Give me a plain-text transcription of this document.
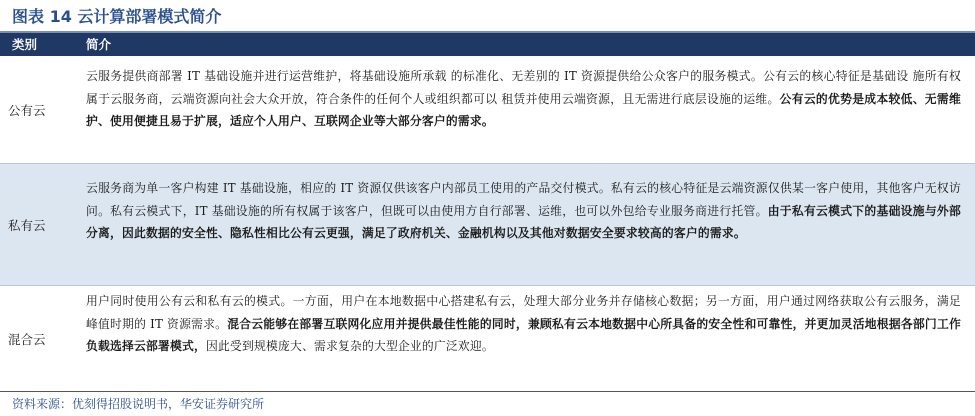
图表 14 云计算部署模式简介
类别	简介
公有云
云服务提供商部署 IT 基础设施并进行运营维护，将基础设施所承载 的标准化、无差别的 IT 资源提供给公众客户的服务模式。公有云的核心特征是基础设 施所有权属于云服务商，云端资源向社会大众开放，符合条件的任何个人或组织都可以 租赁并使用云端资源，且无需进行底层设施的运维。公有云的优势是成本较低、无需维护、使用便捷且易于扩展，适应个人用户、互联网企业等大部分客户的需求。
私有云
云服务商为单一客户构建 IT 基础设施，相应的 IT 资源仅供该客户内部员工使用的产品交付模式。私有云的核心特征是云端资源仅供某一客户使用，其他客户无权访问。私有云模式下，IT 基础设施的所有权属于该客户，但既可以由使用方自行部署、运维，也可以外包给专业服务商进行托管。由于私有云模式下的基础设施与外部分离，因此数据的安全性、隐私性相比公有云更强，满足了政府机关、金融机构以及其他对数据安全要求较高的客户的需求。
混合云
用户同时使用公有云和私有云的模式。一方面，用户在本地数据中心搭建私有云，处理大部分业务并存储核心数据；另一方面，用户通过网络获取公有云服务，满足峰值时期的 IT 资源需求。混合云能够在部署互联网化应用并提供最佳性能的同时，兼顾私有云本地数据中心所具备的安全性和可靠性，并更加灵活地根据各部门工作负载选择云部署模式，因此受到规模庞大、需求复杂的大型企业的广泛欢迎。
资料来源：优刻得招股说明书，华安证券研究所
